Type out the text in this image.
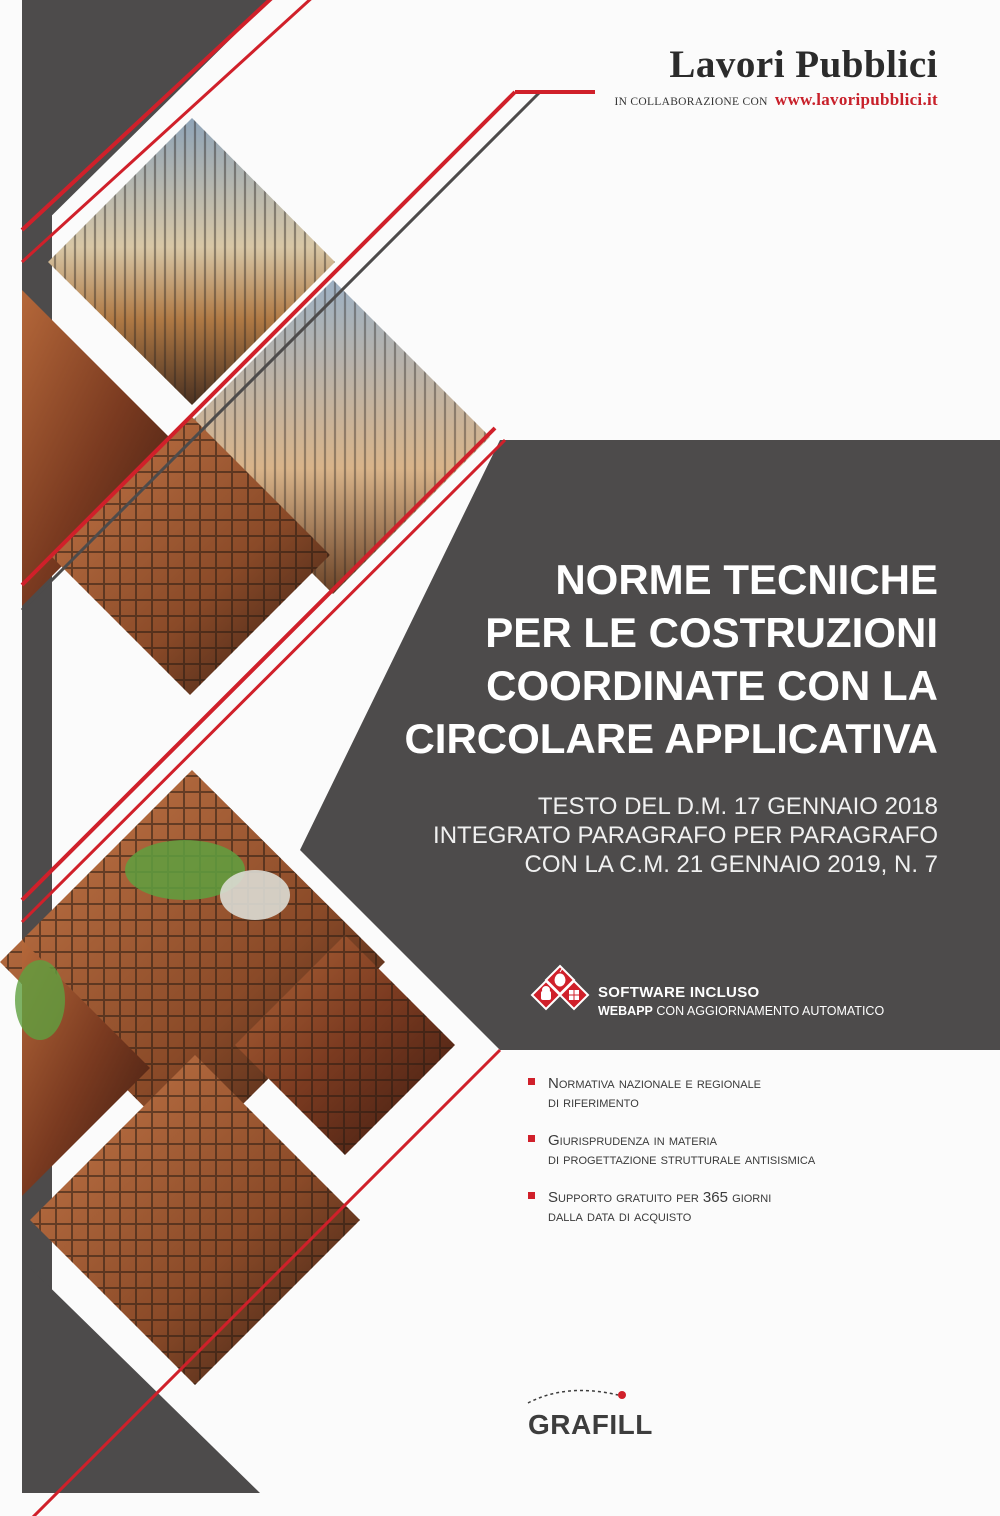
Lavori Pubblici
IN COLLABORAZIONE CON www.lavoripubblici.it
NORME TECNICHE
PER LE COSTRUZIONI
COORDINATE CON LA
CIRCOLARE APPLICATIVA
TESTO DEL D.M. 17 GENNAIO 2018
INTEGRATO PARAGRAFO PER PARAGRAFO
CON LA C.M. 21 GENNAIO 2019, N. 7
SOFTWARE INCLUSO
WEBAPP CON AGGIORNAMENTO AUTOMATICO
Normativa nazionale e regionale
di riferimento
Giurisprudenza in materia
di progettazione strutturale antisismica
Supporto gratuito per 365 giorni
dalla data di acquisto
GRAFILL
